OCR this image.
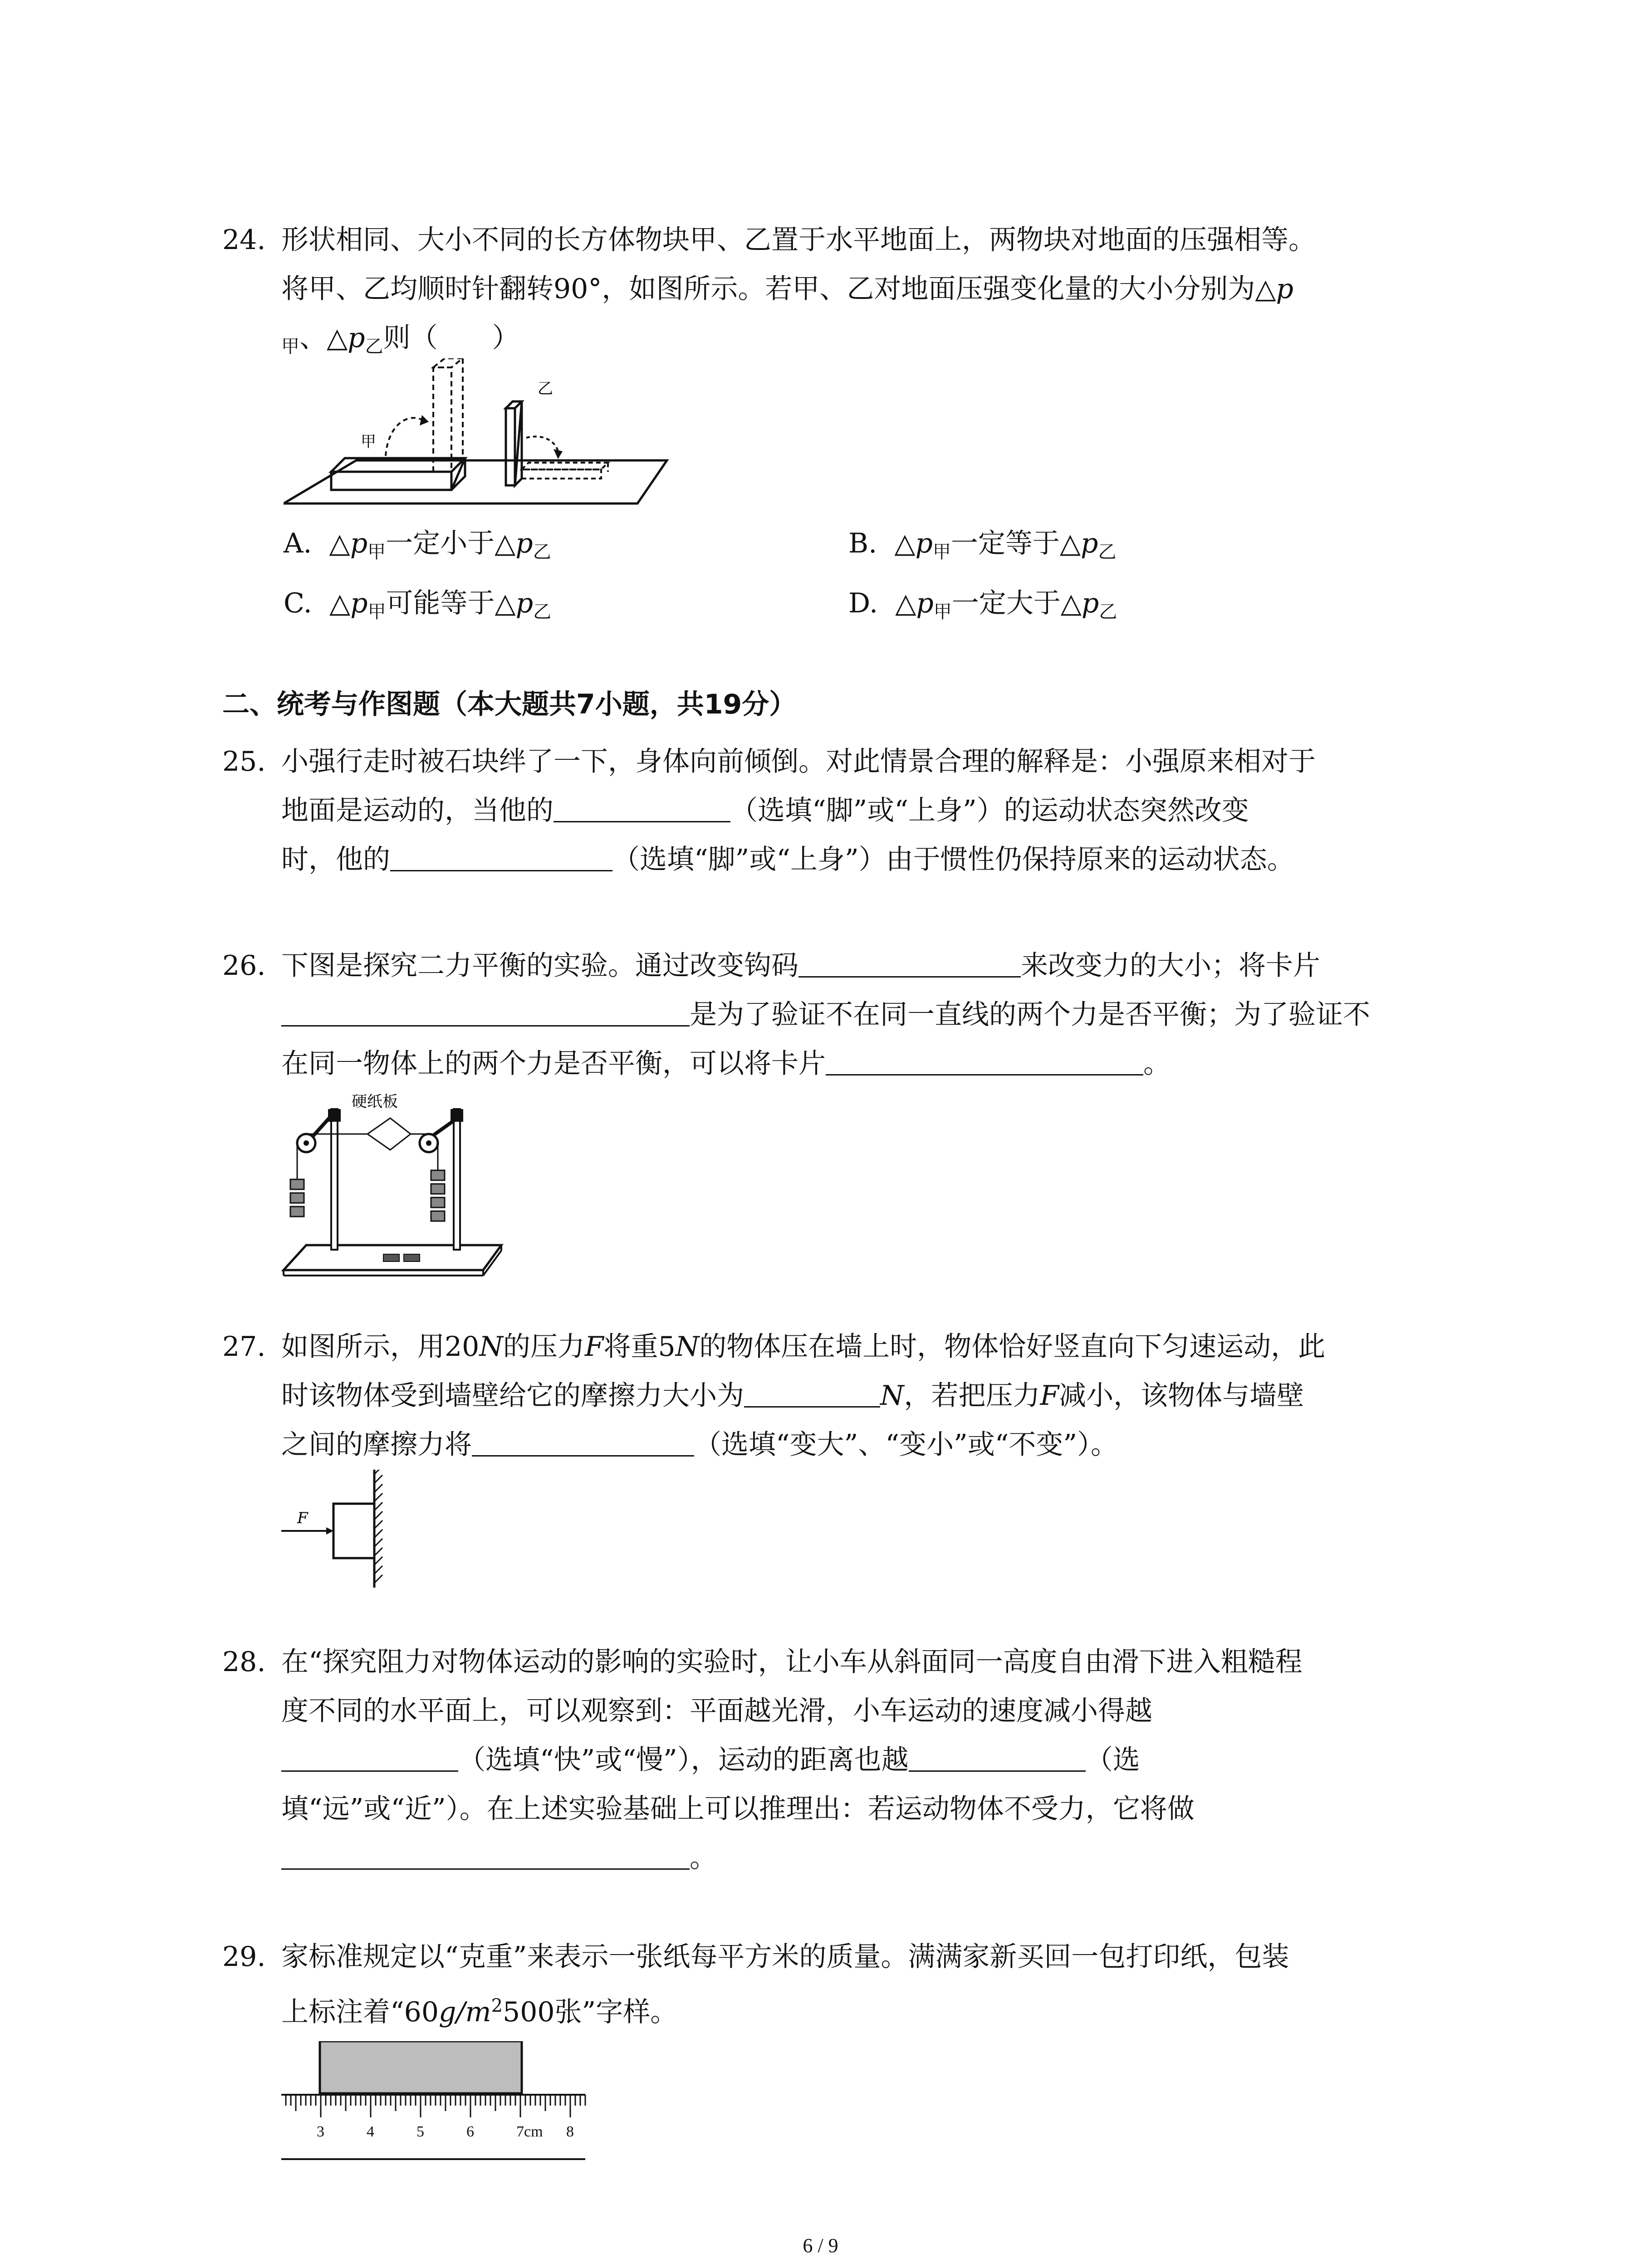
24. 形状相同、大小不同的长方体物块甲、乙置于水平地面上，两物块对地面的压强相等。
将甲、乙均顺时针翻转90°，如图所示。若甲、乙对地面压强变化量的大小分别为△p
$_甲$、$\triangle p_乙$则（　　）
甲
乙
A.  $\triangle p_甲$一定小于$\triangle p_乙$	B.  $\triangle p_甲$一定等于$\triangle p_乙$
C.  $\triangle p_甲$可能等于$\triangle p_乙$	D.  $\triangle p_甲$一定大于$\triangle p_乙$
二、统考与作图题（本大题共7小题，共19分）
25. 小强行走时被石块绊了一下，身体向前倾倒。对此情景合理的解释是：小强原来相对于
地面是运动的，当他的	（选填“脚”或“上身”）的运动状态突然改变
时，他的	（选填“脚”或“上身”）由于惯性仍保持原来的运动状态。
26. 下图是探究二力平衡的实验。通过改变钩码	来改变力的大小；将卡片
是为了验证不在同一直线的两个力是否平衡；为了验证不
在同一物体上的两个力是否平衡，可以将卡片	。
硬纸板
27. 如图所示，用20N的压力F将重5N的物体压在墙上时，物体恰好竖直向下匀速运动，此
时该物体受到墙壁给它的摩擦力大小为	N，若把压力F减小，该物体与墙壁
之间的摩擦力将	（选填“变大”、“变小”或“不变”）。
F
28. 在“探究阻力对物体运动的影响的实验时，让小车从斜面同一高度自由滑下进入粗糙程
度不同的水平面上，可以观察到：平面越光滑，小车运动的速度减小得越
（选填“快”或“慢”），运动的距离也越	（选
填“远”或“近”）。在上述实验基础上可以推理出：若运动物体不受力，它将做
。
29. 家标准规定以“克重”来表示一张纸每平方米的质量。满满家新买回一包打印纸，包装
上标注着“$60g/m^2500$张”字样。
3	4	5	6	7cm 8
6 / 9
